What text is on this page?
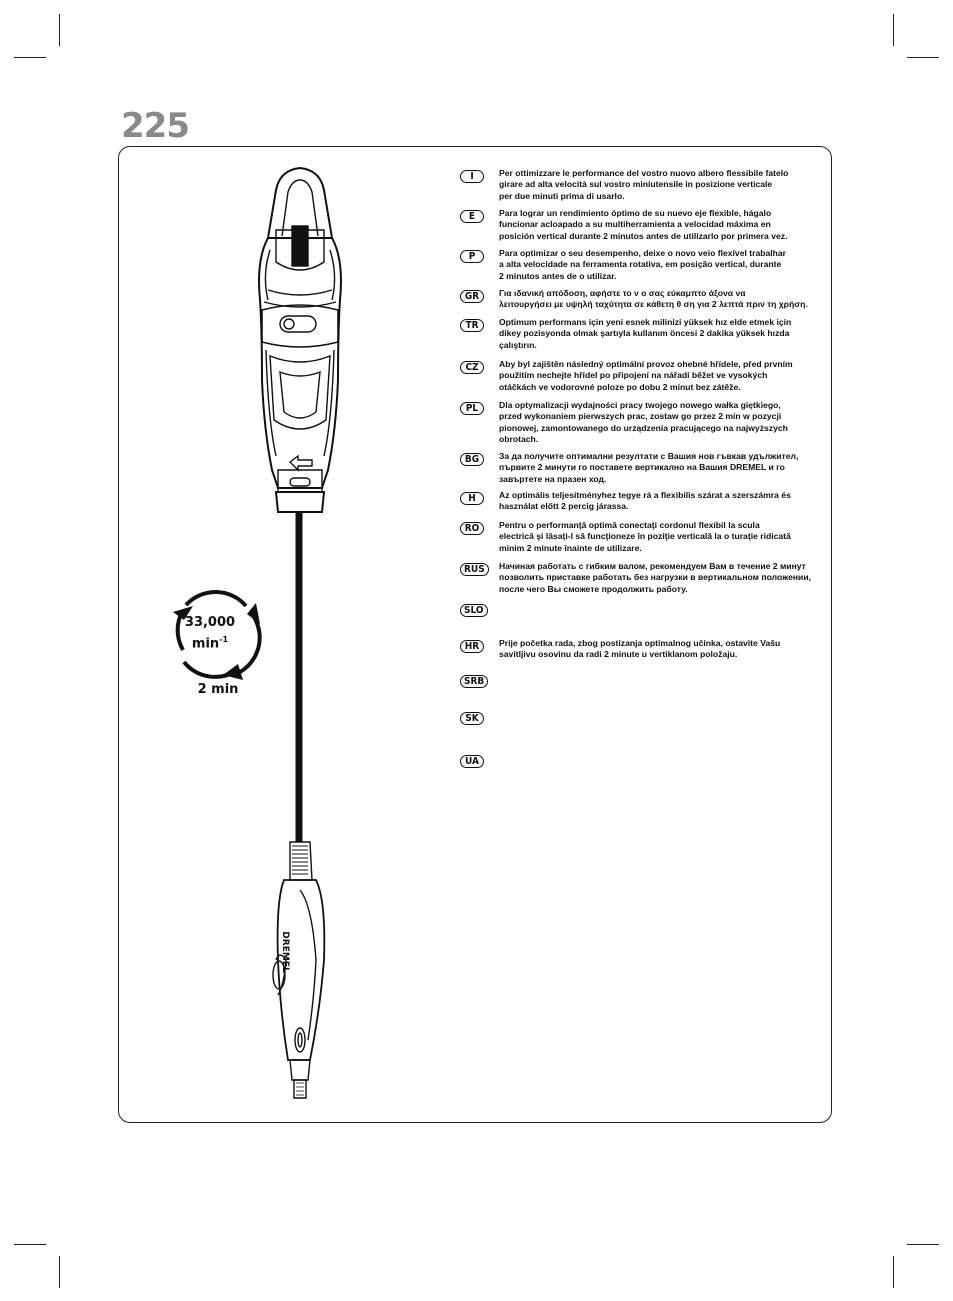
225
DREMEL
33,000
$\min^{-1}$
2 min
I	Per ottimizzare le performance del vostro nuovo albero flessibile fatelo
girare ad alta velocità sul vostro miniutensile in posizione verticale
per due minuti prima di usarlo.
E	Para lograr un rendimiento óptimo de su nuevo eje flexible, hágalo
funcionar acloapado a su multiherramienta a velocidad máxima en
posición vertical durante 2 minutos antes de utilizarlo por primera vez.
P	Para optimizar o seu desempenho, deixe o novo veio flexível trabalhar
a alta velocidade na ferramenta rotativa, em posição vertical, durante
2 minutos antes de o utilizar.
GR	Για ιδανική απόδοση, αφήστε το ν ο σας εύκαμπτο άξονα να
λειτουργήσει με υψηλή ταχύτητα σε κάθετη θ ση για 2 λεπτά πριν τη χρήση.
TR	Optimum performans için yeni esnek milinizi yüksek hız elde etmek için
dikey pozisyonda olmak şartıyla kullanım öncesi 2 dakika yüksek hızda
çalıştırın.
CZ	Aby byl zajištěn následný optimální provoz ohebné hřídele, před prvním
použitím nechejte hřídel po připojení na nářadí běžet ve vysokých
otáčkách ve vodorovné poloze po dobu 2 minut bez zátěže.
PL	Dla optymalizacji wydajności pracy twojego nowego wałka giętkiego,
przed wykonaniem pierwszych prac, zostaw go przez 2 min w pozycji
pionowej, zamontowanego do urządzenia pracującego na najwyższych
obrotach.
BG	За да получите оптимални резултати с Вашия нов гъвкав удължител,
първите 2 минути го поставете вертикално на Вашия DREMEL и го
завъртете на празен ход.
H	Az optimális teljesítményhez tegye rá a flexibilis szárat a szerszámra és
használat előtt 2 percig járassa.
RO	Pentru o performanţă optimă conectaţi cordonul flexibil la scula
electrică şi lăsaţi-l să funcţioneze în poziţie verticală la o turaţie ridicată
minim 2 minute înainte de utilizare.
RUS	Начиная работать с гибким валом, рекомендуем Вам в течение 2 минут
позволить приставке работать без нагрузки в вертикальном положении,
после чего Вы сможете продолжить работу.
SLO
HR	Prije početka rada, zbog postizanja optimalnog učinka, ostavite Vašu
savitljivu osovinu da radi 2 minute u vertiklanom položaju.
SRB
SK
UA
